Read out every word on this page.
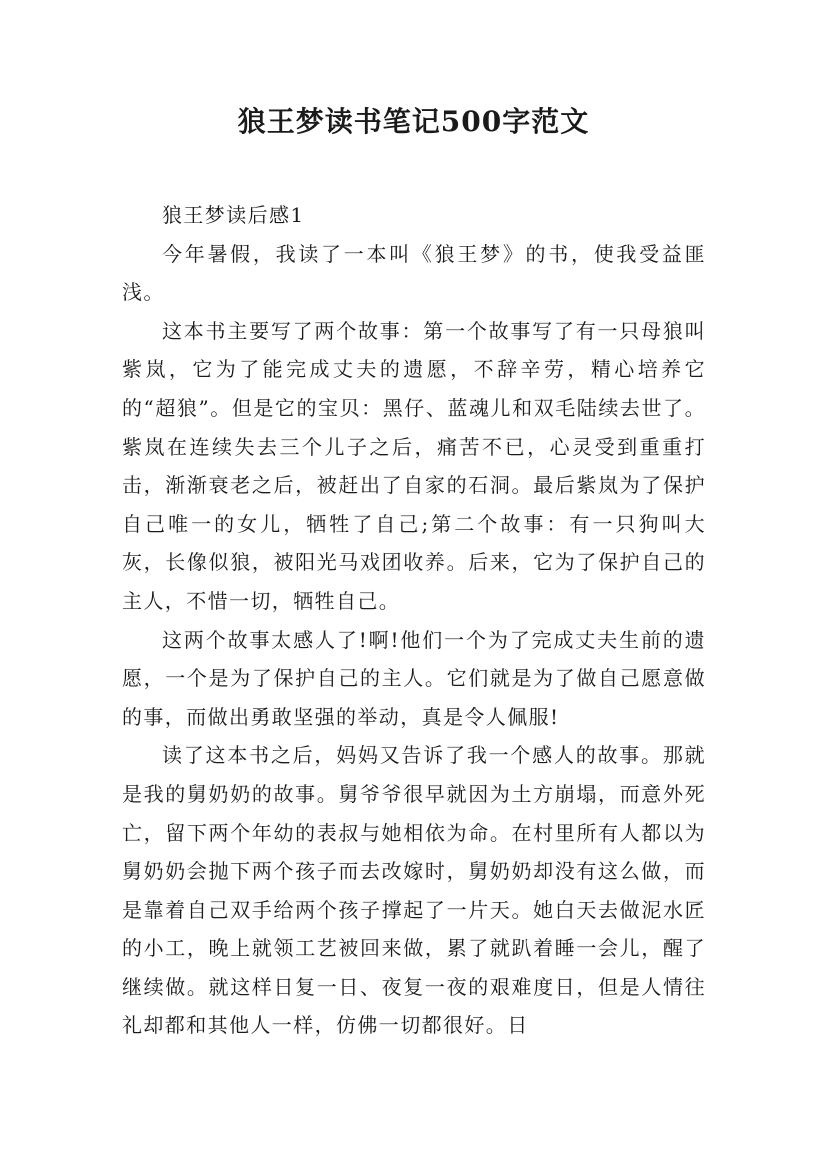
狼王梦读书笔记500字范文

狼王梦读后感1

今年暑假，我读了一本叫《狼王梦》的书，使我受益匪浅。

这本书主要写了两个故事：第一个故事写了有一只母狼叫紫岚，它为了能完成丈夫的遗愿，不辞辛劳，精心培养它的“超狼”。但是它的宝贝：黑仔、蓝魂儿和双毛陆续去世了。紫岚在连续失去三个儿子之后，痛苦不已，心灵受到重重打击，渐渐衰老之后，被赶出了自家的石洞。最后紫岚为了保护自己唯一的女儿，牺牲了自己;第二个故事：有一只狗叫大灰，长像似狼，被阳光马戏团收养。后来，它为了保护自己的主人，不惜一切，牺牲自己。

这两个故事太感人了!啊!他们一个为了完成丈夫生前的遗愿，一个是为了保护自己的主人。它们就是为了做自己愿意做的事，而做出勇敢坚强的举动，真是令人佩服!

读了这本书之后，妈妈又告诉了我一个感人的故事。那就是我的舅奶奶的故事。舅爷爷很早就因为土方崩塌，而意外死亡，留下两个年幼的表叔与她相依为命。在村里所有人都以为舅奶奶会抛下两个孩子而去改嫁时，舅奶奶却没有这么做，而是靠着自己双手给两个孩子撑起了一片天。她白天去做泥水匠的小工，晚上就领工艺被回来做，累了就趴着睡一会儿，醒了继续做。就这样日复一日、夜复一夜的艰难度日，但是人情往礼却都和其他人一样，仿佛一切都很好。日
